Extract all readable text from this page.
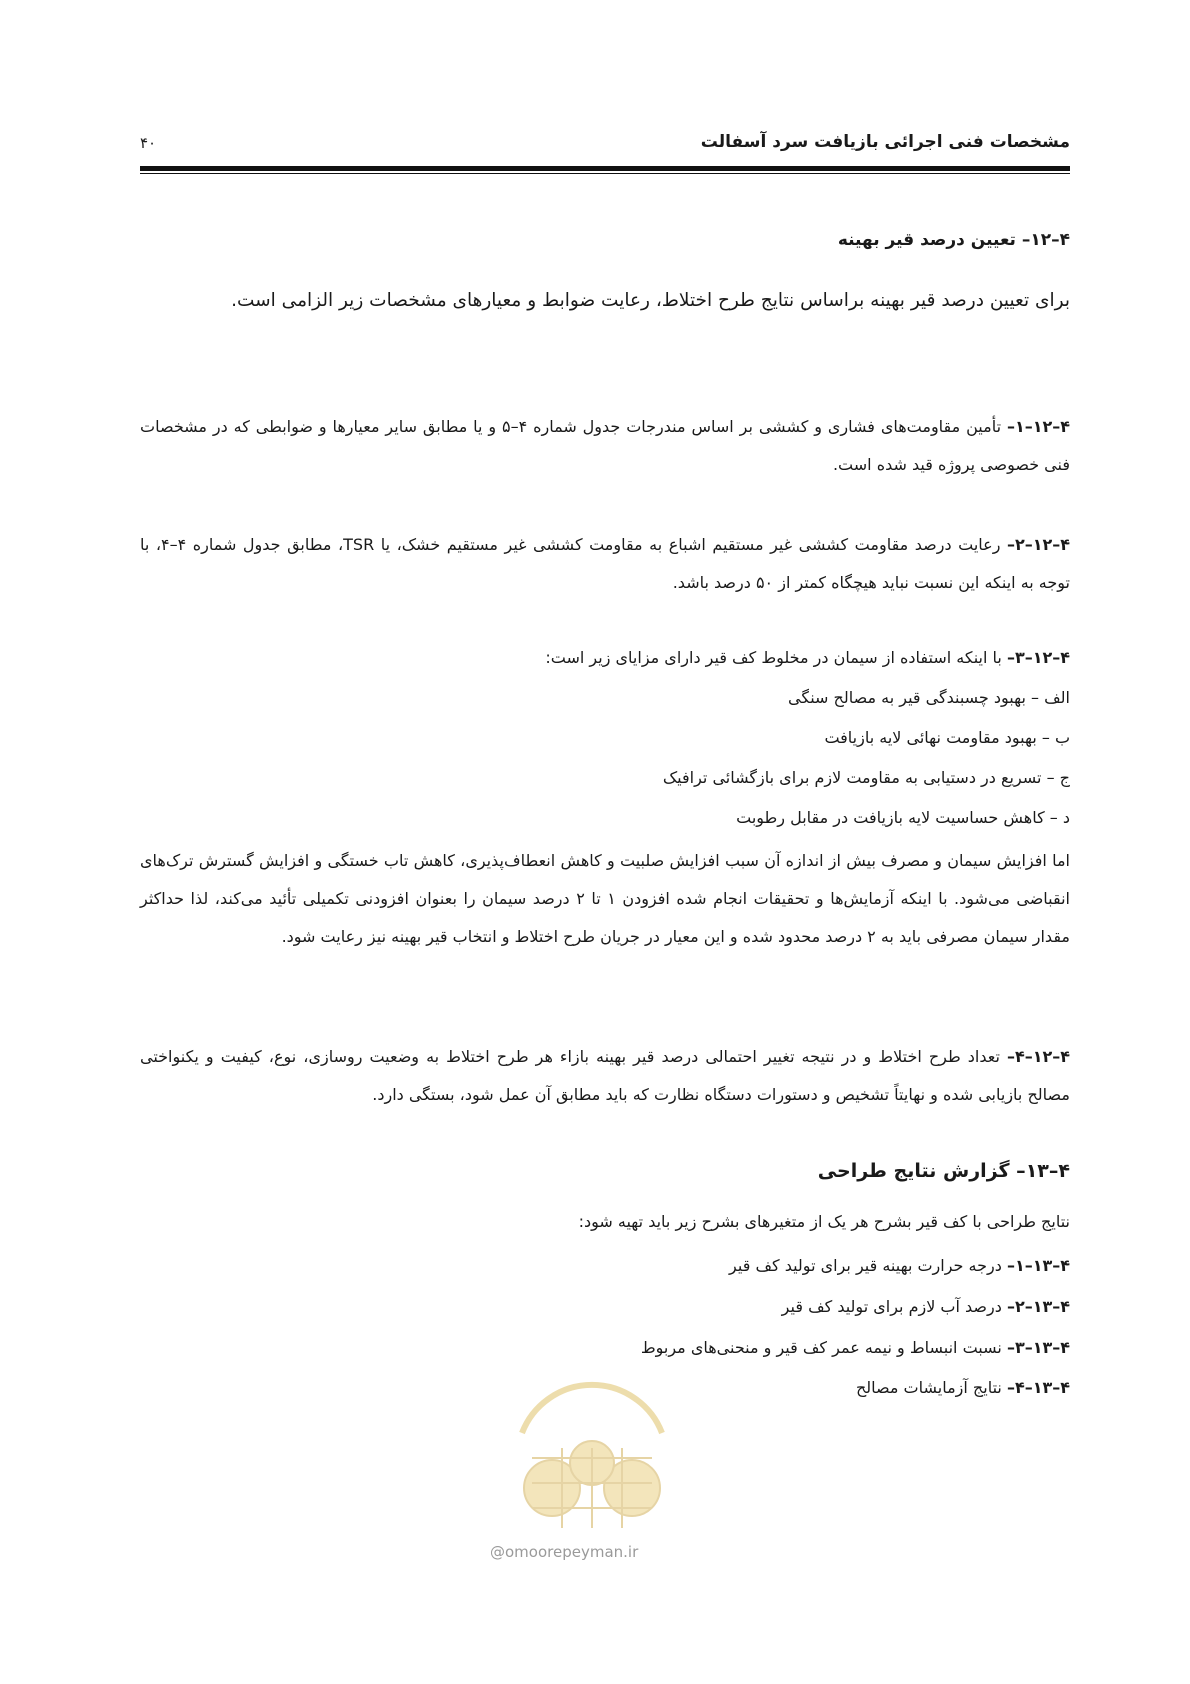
مشخصات فنی اجرائی بازیافت سرد آسفالت
۴۰
۴–۱۲– تعیین درصد قیر بهینه
برای تعیین درصد قیر بهینه براساس نتایج طرح اختلاط، رعایت ضوابط و معیارهای مشخصات زیر الزامی است.
۴–۱۲–۱– تأمین مقاومت‌های فشاری و کششی بر اساس مندرجات جدول شماره ۴–۵ و یا مطابق سایر معیارها و ضوابطی که در مشخصات فنی خصوصی پروژه قید شده است.
۴–۱۲–۲– رعایت درصد مقاومت کششی غیر مستقیم اشباع به مقاومت کششی غیر مستقیم خشک، یا TSR، مطابق جدول شماره ۴–۴، با توجه به اینکه این نسبت نباید هیچگاه کمتر از ۵۰ درصد باشد.
۴–۱۲–۳– با اینکه استفاده از سیمان در مخلوط کف قیر دارای مزایای زیر است:
الف – بهبود چسبندگی قیر به مصالح سنگی
ب – بهبود مقاومت نهائی لایه بازیافت
ج – تسریع در دستیابی به مقاومت لازم برای بازگشائی ترافیک
د – کاهش حساسیت لایه بازیافت در مقابل رطوبت
اما افزایش سیمان و مصرف بیش از اندازه آن سبب افزایش صلبیت و کاهش انعطاف‌پذیری، کاهش تاب خستگی و افزایش گسترش ترک‌های انقباضی می‌شود. با اینکه آزمایش‌ها و تحقیقات انجام شده افزودن ۱ تا ۲ درصد سیمان را بعنوان افزودنی تکمیلی تأئید می‌کند، لذا حداکثر مقدار سیمان مصرفی باید به ۲ درصد محدود شده و این معیار در جریان طرح اختلاط و انتخاب قیر بهینه نیز رعایت شود.
۴–۱۲–۴– تعداد طرح اختلاط و در نتیجه تغییر احتمالی درصد قیر بهینه بازاء هر طرح اختلاط به وضعیت روسازی، نوع، کیفیت و یکنواختی مصالح بازیابی شده و نهایتاً تشخیص و دستورات دستگاه نظارت که باید مطابق آن عمل شود، بستگی دارد.
۴–۱۳– گزارش نتایج طراحی
نتایج طراحی با کف قیر بشرح هر یک از متغیرهای بشرح زیر باید تهیه شود:
۴–۱۳–۱– درجه حرارت بهینه قیر برای تولید کف قیر
۴–۱۳–۲– درصد آب لازم برای تولید کف قیر
۴–۱۳–۳– نسبت انبساط و نیمه عمر کف قیر و منحنی‌های مربوط
۴–۱۳–۴– نتایج آزمایشات مصالح
@omoorepeyman.ir
